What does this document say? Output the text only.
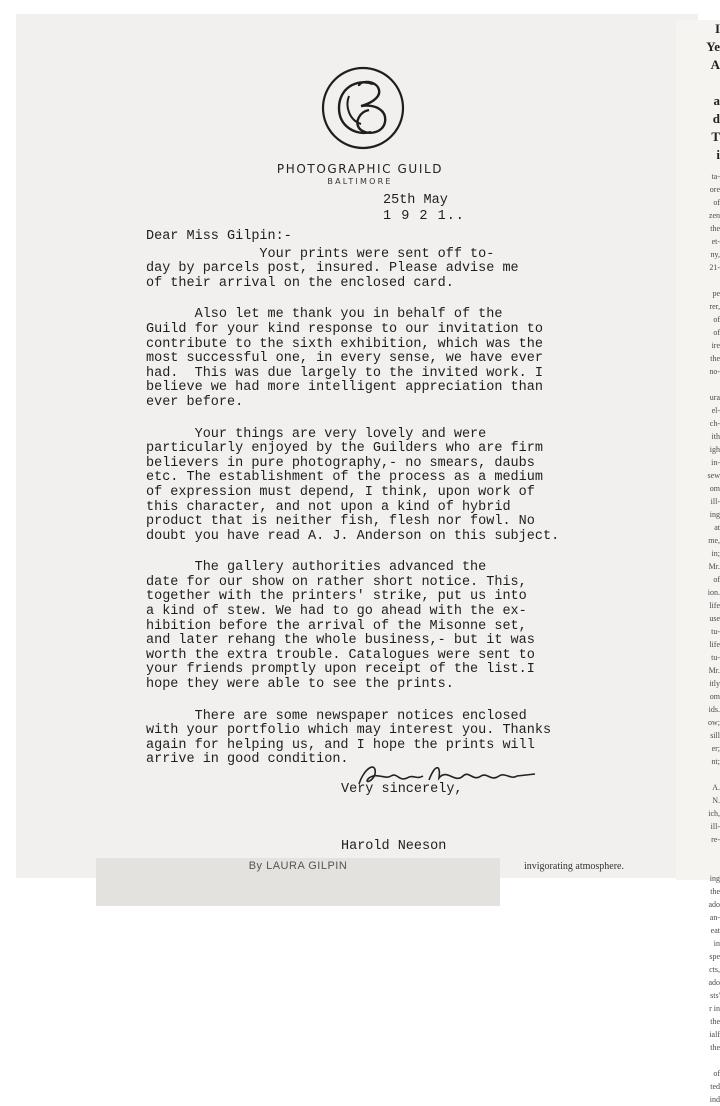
I
Ye
A
a
d
T
i
ta-
ore
of
zen
the
et-
ny,
21-
pe
rer,
of
of
ire
the
no-
ura
el-
ch-
ith
igh
in-
sew
om
ill-
ing
at
me,
in;
Mr.
of
ion.
life
use
tu-
life
tu-
Mr.
itly
om
ids.
ow;
sill
er;
nt;
A.
N.
ich,
ill-
re-
ing
the
ado
an-
eat
in
spe
cts,
ado
sts'
r in
the
ialf
the
of
ted
ind
PHOTOGRAPHIC GUILD
BALTIMORE
25th May
1 9 2 1..
Dear Miss Gilpin:-
Your prints were sent off to-
day by parcels post, insured. Please advise me
of their arrival on the enclosed card.
Also let me thank you in behalf of the
Guild for your kind response to our invitation to
contribute to the sixth exhibition, which was the
most successful one, in every sense, we have ever
had.  This was due largely to the invited work. I
believe we had more intelligent appreciation than
ever before.
Your things are very lovely and were
particularly enjoyed by the Guilders who are firm
believers in pure photography,- no smears, daubs
etc. The establishment of the process as a medium
of expression must depend, I think, upon work of
this character, and not upon a kind of hybrid
product that is neither fish, flesh nor fowl. No
doubt you have read A. J. Anderson on this subject.
The gallery authorities advanced the
date for our show on rather short notice. This,
together with the printers' strike, put us into
a kind of stew. We had to go ahead with the ex-
hibition before the arrival of the Misonne set,
and later rehang the whole business,- but it was
worth the extra trouble. Catalogues were sent to
your friends promptly upon receipt of the list.I
hope they were able to see the prints.
There are some newspaper notices enclosed
with your portfolio which may interest you. Thanks
again for helping us, and I hope the prints will
arrive in good condition.

Very sincerely,

Harold Neeson

By LAURA GILPIN	invigorating atmosphere.
